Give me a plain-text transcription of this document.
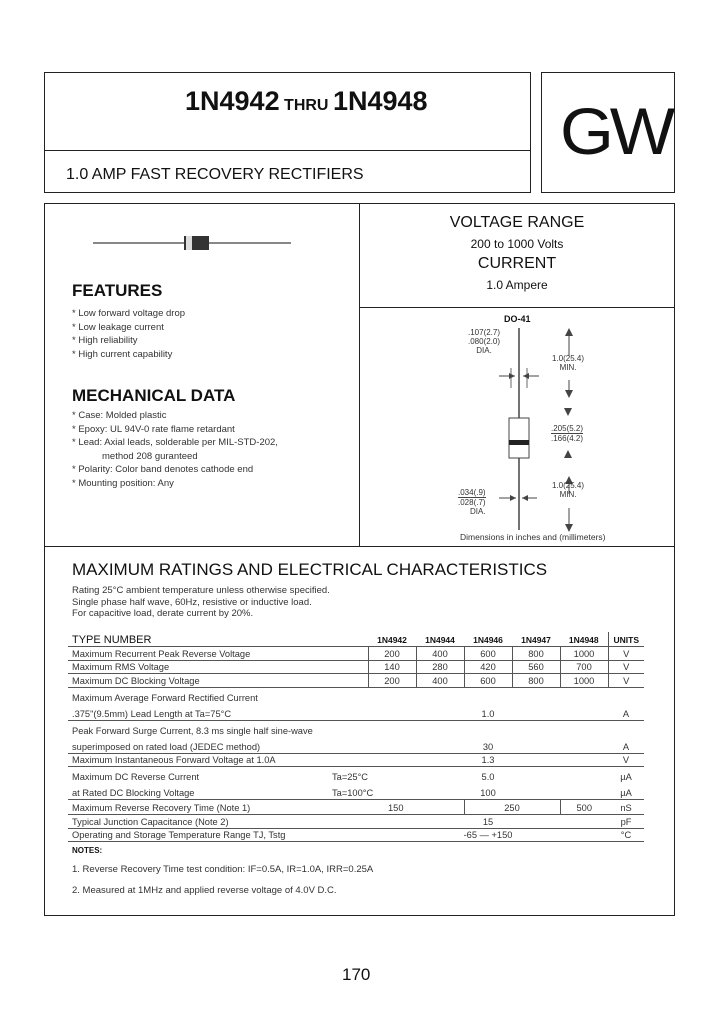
1N4942 THRU 1N4948
1.0 AMP FAST RECOVERY RECTIFIERS
GW
FEATURES
* Low forward voltage drop
* Low leakage current
* High reliability
* High current capability
MECHANICAL DATA
* Case: Molded plastic
* Epoxy: UL 94V-0 rate flame retardant
* Lead: Axial leads, solderable per MIL-STD-202,
method 208 guranteed
* Polarity: Color band denotes cathode end
* Mounting position: Any
VOLTAGE RANGE
200 to 1000 Volts
CURRENT
1.0 Ampere
DO-41
.107(2.7)
.080(2.0)
DIA.
1.0(25.4)
MIN.
.205(5.2)
.166(4.2)
1.0(25.4)
MIN.
.034(.9)
.028(.7)
DIA.
Dimensions in inches and (millimeters)
MAXIMUM RATINGS AND ELECTRICAL CHARACTERISTICS
Rating 25°C ambient temperature unless otherwise specified.
Single phase half wave, 60Hz, resistive or inductive load.
For capacitive load, derate current by 20%.
TYPE NUMBER	1N4942	1N4944	1N4946	1N4947	1N4948	UNITS
Maximum Recurrent Peak Reverse Voltage	200	400	600	800	1000	V
Maximum RMS Voltage	140	280	420	560	700	V
Maximum DC Blocking Voltage	200	400	600	800	1000	V
Maximum Average Forward Rectified Current						
.375"(9.5mm) Lead Length at Ta=75°C	1.0					A
Peak Forward Surge Current, 8.3 ms single half sine-wave						
superimposed on rated load (JEDEC method)	30					A
Maximum Instantaneous Forward Voltage at 1.0A	1.3					V
Maximum DC Reverse Current Ta=25°C	5.0					µA
at Rated DC Blocking Voltage Ta=100°C	100					µA
Maximum Reverse Recovery Time (Note 1)	150		250		500	nS
Typical Junction Capacitance (Note 2)	15					pF
Operating and Storage Temperature Range TJ, Tstg	-65 — +150					°C
NOTES:
1. Reverse Recovery Time test condition: IF=0.5A, IR=1.0A, IRR=0.25A
2. Measured at 1MHz and applied reverse voltage of 4.0V D.C.
170
